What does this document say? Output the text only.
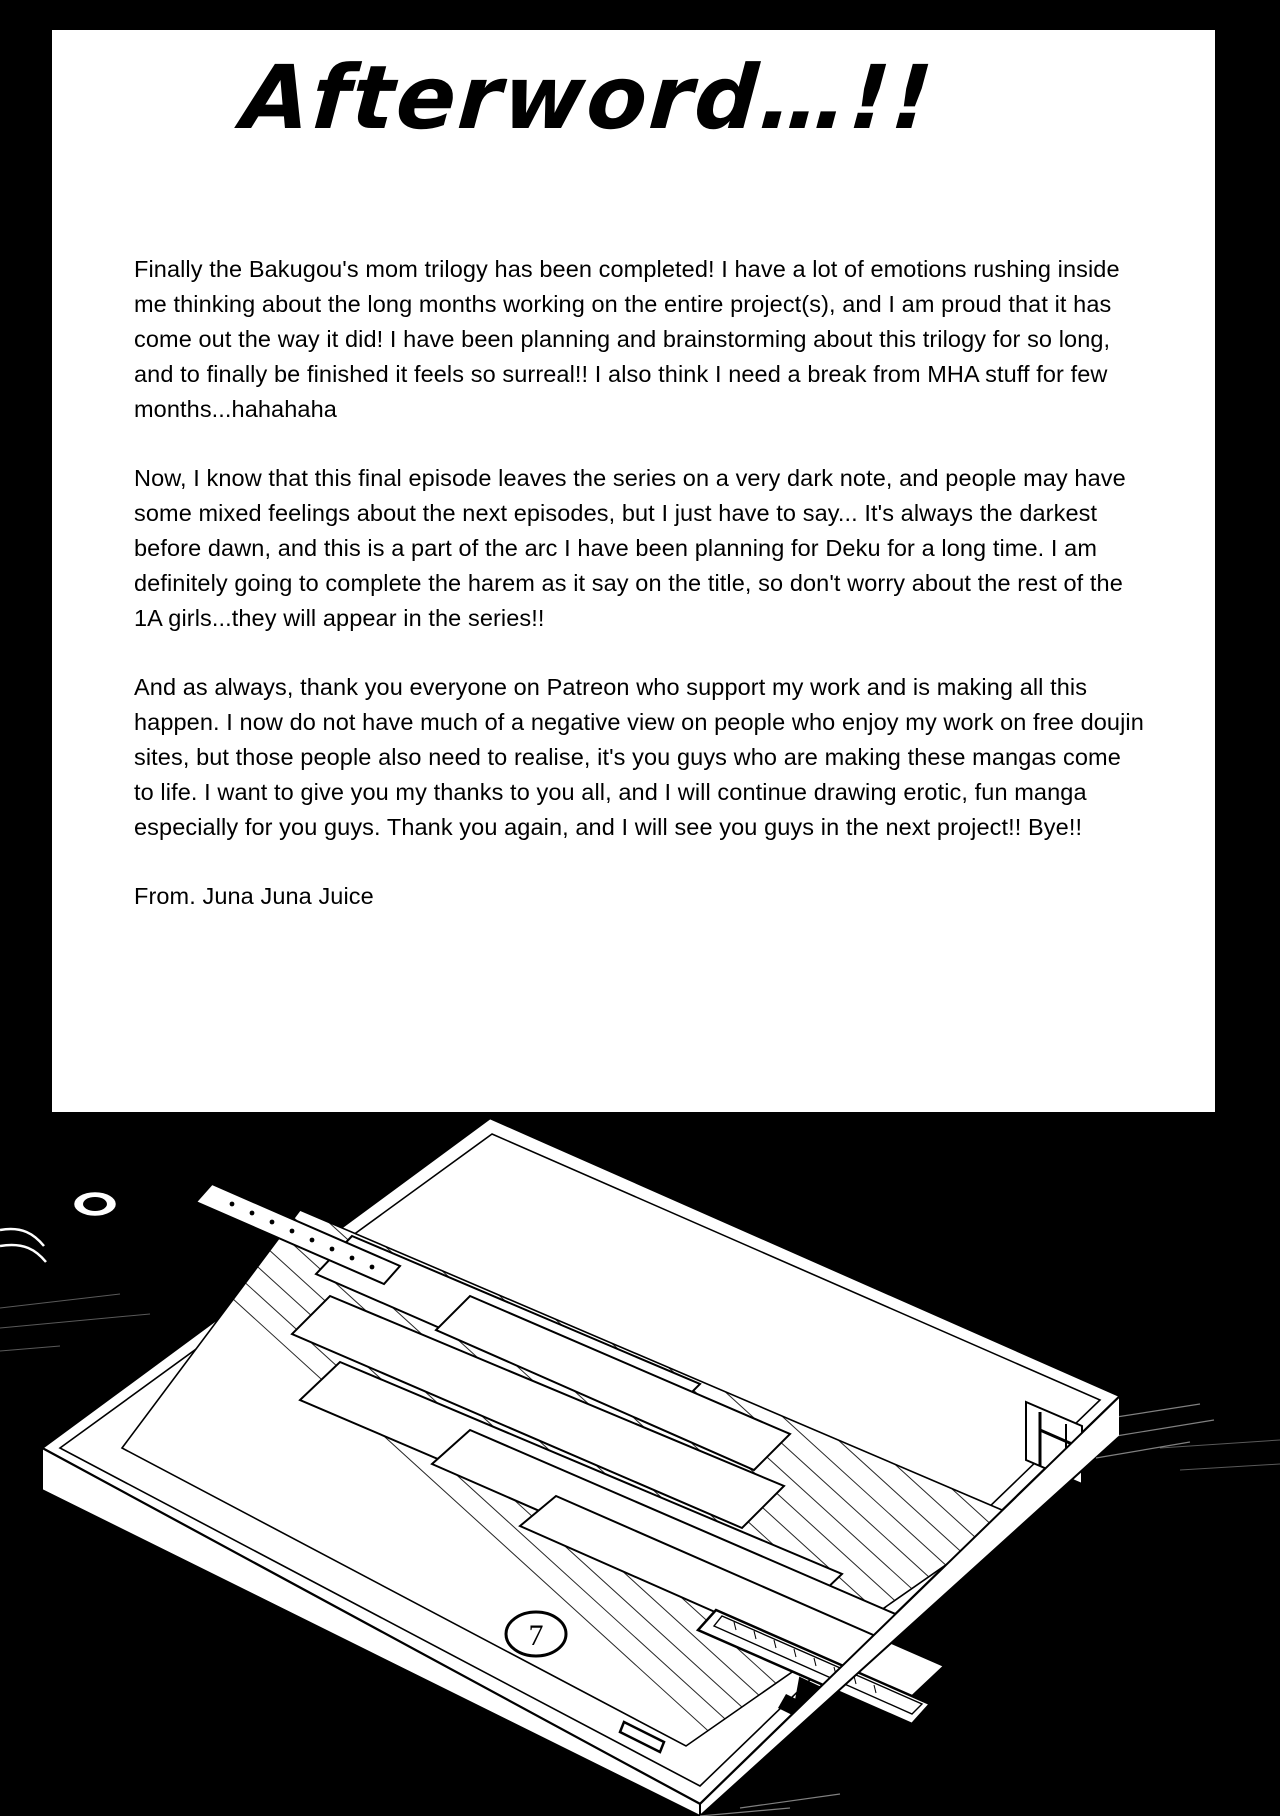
Afterword…!!

Finally the Bakugou's mom trilogy has been completed! I have a lot of emotions rushing inside me thinking about the long months working on the entire project(s), and I am proud that it has come out the way it did! I have been planning and brainstorming about this trilogy for so long, and to finally be finished it feels so surreal!! I also think I need a break from MHA stuff for few months...hahahaha

Now, I know that this final episode leaves the series on a very dark note, and people may have some mixed feelings about the next episodes, but I just have to say... It's always the darkest before dawn, and this is a part of the arc I have been planning for Deku for a long time. I am definitely going to complete the harem as it say on the title, so don't worry about the rest of the 1A girls...they will appear in the series!!

And as always, thank you everyone on Patreon who support my work and is making all this happen. I now do not have much of a negative view on people who enjoy my work on free doujin sites, but those people also need to realise, it's you guys who are making these mangas come to life. I want to give you my thanks to you all, and I will continue drawing erotic, fun manga especially for you guys. Thank you again, and I will see you guys in the next project!! Bye!!

From. Juna Juna Juice

7
